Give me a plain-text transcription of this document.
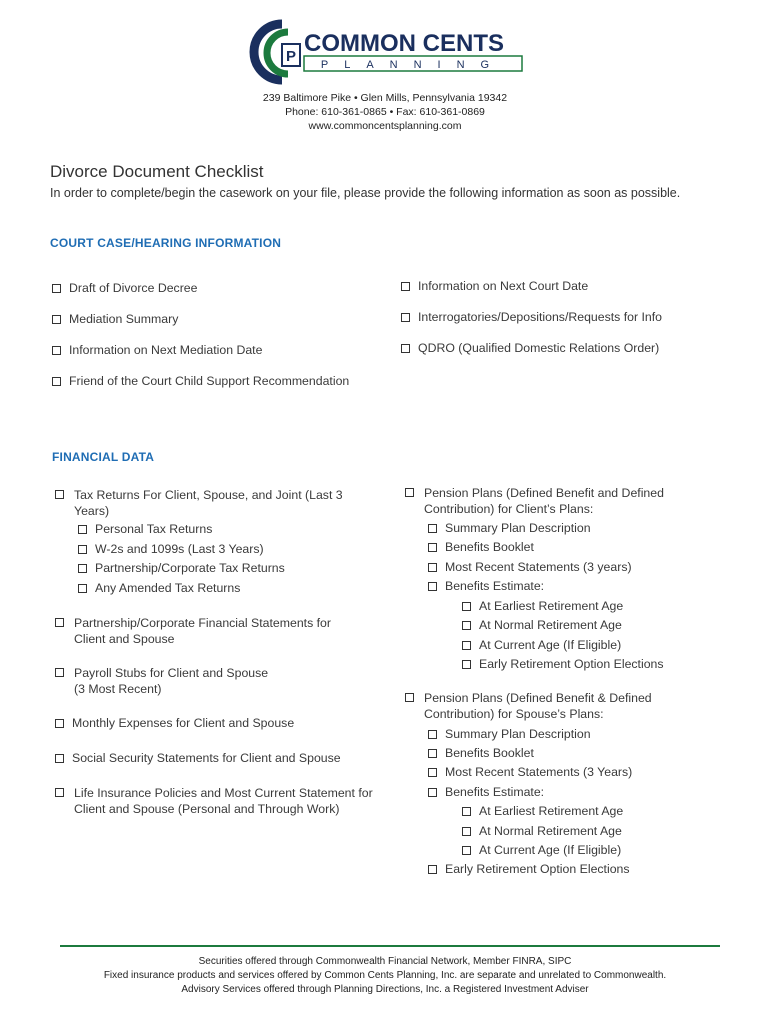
P COMMON CENTS
PLANNING
239 Baltimore Pike • Glen Mills, Pennsylvania 19342
Phone: 610-361-0865 • Fax: 610-361-0869
www.commoncentsplanning.com
Divorce Document Checklist
In order to complete/begin the casework on your file, please provide the following information as soon as possible.
COURT CASE/HEARING INFORMATION
Draft of Divorce Decree
Mediation Summary
Information on Next Mediation Date
Friend of the Court Child Support Recommendation
Information on Next Court Date
Interrogatories/Depositions/Requests for Info
QDRO (Qualified Domestic Relations Order)
FINANCIAL DATA
Tax Returns For Client, Spouse, and Joint (Last 3 Years)
Personal Tax Returns
W-2s and 1099s (Last 3 Years)
Partnership/Corporate Tax Returns
Any Amended Tax Returns
Partnership/Corporate Financial Statements for Client and Spouse
Payroll Stubs for Client and Spouse
(3 Most Recent)
Monthly Expenses for Client and Spouse
Social Security Statements for Client and Spouse
Life Insurance Policies and Most Current Statement for Client and Spouse (Personal and Through Work)
Pension Plans (Defined Benefit and Defined Contribution) for Client’s Plans:
Summary Plan Description
Benefits Booklet
Most Recent Statements (3 years)
Benefits Estimate:
At Earliest Retirement Age
At Normal Retirement Age
At Current Age (If Eligible)
Early Retirement Option Elections
Pension Plans (Defined Benefit & Defined Contribution) for Spouse’s Plans:
Summary Plan Description
Benefits Booklet
Most Recent Statements (3 Years)
Benefits Estimate:
At Earliest Retirement Age
At Normal Retirement Age
At Current Age (If Eligible)
Early Retirement Option Elections
Securities offered through Commonwealth Financial Network, Member FINRA, SIPC
Fixed insurance products and services offered by Common Cents Planning, Inc. are separate and unrelated to Commonwealth.
Advisory Services offered through Planning Directions, Inc. a Registered Investment Adviser
